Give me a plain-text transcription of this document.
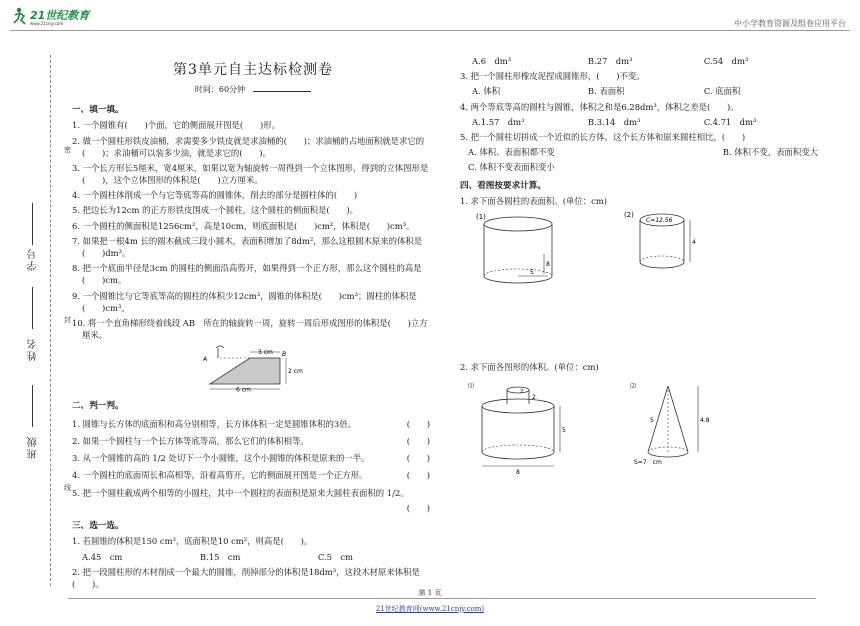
21世纪教育
www.21cnjy.com	中小学教育资源及组卷应用平台
密
封
线
学号
姓名
班级
第3单元自主达标检测卷
时间：60分钟
一、填一填。
1. 一个圆锥有(　　)个面，它的侧面展开图是(　　)形。
2. 做一个圆柱形铁皮油桶，求需要多少铁皮就是求油桶的(　　)；求油桶的占地面积就是求它的(　　)；求油桶可以装多少油，就是求它的(　　)。
3. 一个长方形长5厘米，宽4厘米，如果以宽为轴旋转一周得到一个立体图形，得到的立体图形是(　　)，这个立体图形的体积是(　　)立方厘米。
4. 一个圆柱体削成一个与它等底等高的圆锥体，削去的部分是圆柱体的(　　)
5. 把边长为12cm 的正方形铁皮围成一个圆柱，这个圆柱的侧面积是(　　)。
6. 一个圆柱的侧面积是1256cm²，高是10cm，则底面积是(　　)cm²，体积是(　　)cm³。
7. 如果把一根4m 长的圆木截成三段小圆木，表面积增加了8dm²，那么这根圆木原来的体积是(　　)dm³。
8. 把一个底面半径是3cm 的圆柱的侧面沿高剪开，如果得到一个正方形，那么这个圆柱的高是(　　)cm。
9. 一个圆锥比与它等底等高的圆柱的体积少12cm³，圆锥的体积是(　　)cm³；圆柱的体积是(　　)cm³。
10. 将一个直角梯形绕着线段 AB　所在的轴旋转一周，旋转一周后形成图形的体积是(　　)立方厘米。
3 cm
2 cm
6 cm
A
B
二、判一判。
1. 圆锥与长方体的底面积和高分别相等，长方体体积一定是圆锥体积的3倍。	(　　)
2. 如果一个圆柱与一个长方体等底等高，那么它们的体积相等。	(　　)
3. 从一个圆锥的高的 1/2 处切下一个小圆锥，这个小圆锥的体积是原来的一半。	(　　)
4. 一个圆柱的底面周长和高相等，沿着高剪开，它的侧面展开图是一个正方形。	(　　)
5. 把一个圆柱截成两个相等的小圆柱，其中一个圆柱的表面积是原来大圆柱表面积的 1/2。
(　　)
三、选一选。
1. 若圆锥的体积是150 cm³，底面积是10 cm²，则高是(　　)。
A.45　cm	B.15　cm	C.5　cm
2. 把一段圆柱形的木材削成一个最大的圆锥，削掉部分的体积是18dm³，这段木材原来体积是(　　)。
A.6　dm³	B.27　dm³	C.54　dm³
3. 把一个圆柱形橡皮泥捏成圆锥形，(　　)不变。
A. 体积	B. 表面积	C. 底面积
4. 两个等底等高的圆柱与圆锥，体积之和是6.28dm³，体积之差是(　　)。
A.1.57　dm³	B.3.14　dm³	C.4.71　dm³
5. 把一个圆柱切拼成一个近似的长方体，这个长方体和原来圆柱相比，(　　)
A. 体积、表面积都不变	B. 体积不变，表面积变大
C. 体积不变表面积变小
四、看图按要求计算。
1. 求下面各圆柱的表面积。(单位：cm)
(1)
5
8
(2)
C=12.56
4
2. 求下面各图形的体积。(单位：cm)
⑴
2
2
5
8
⑵
5	4.8
S=7　cm
第 1 页
21世纪教育网(www.21cnjy.com)
